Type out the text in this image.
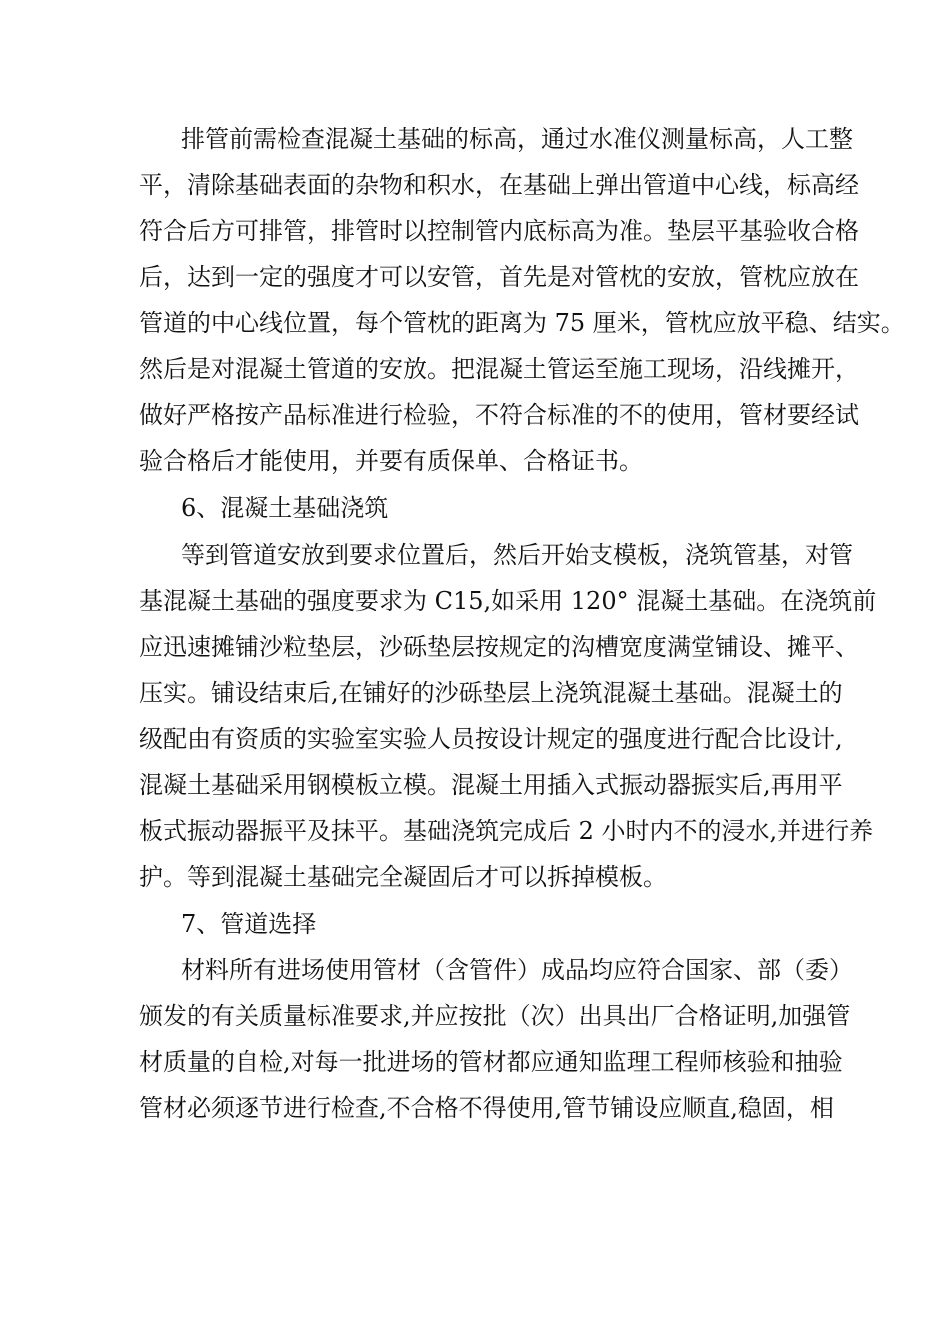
排管前需检查混凝土基础的标高，通过水准仪测量标高，人工整

平，清除基础表面的杂物和积水，在基础上弹出管道中心线，标高经

符合后方可排管，排管时以控制管内底标高为准。垫层平基验收合格

后，达到一定的强度才可以安管，首先是对管枕的安放，管枕应放在

管道的中心线位置，每个管枕的距离为 75 厘米，管枕应放平稳、结实。

然后是对混凝土管道的安放。把混凝土管运至施工现场，沿线摊开，

做好严格按产品标准进行检验，不符合标准的不的使用，管材要经试

验合格后才能使用，并要有质保单、合格证书。

6、混凝土基础浇筑

等到管道安放到要求位置后，然后开始支模板，浇筑管基，对管

基混凝土基础的强度要求为 C15,如采用 120° 混凝土基础。在浇筑前

应迅速摊铺沙粒垫层，沙砾垫层按规定的沟槽宽度满堂铺设、摊平、

压实。铺设结束后,在铺好的沙砾垫层上浇筑混凝土基础。混凝土的

级配由有资质的实验室实验人员按设计规定的强度进行配合比设计,

混凝土基础采用钢模板立模。混凝土用插入式振动器振实后,再用平

板式振动器振平及抹平。基础浇筑完成后 2 小时内不的浸水,并进行养

护。等到混凝土基础完全凝固后才可以拆掉模板。

7、管道选择

材料所有进场使用管材（含管件）成品均应符合国家、部（委）

颁发的有关质量标准要求,并应按批（次）出具出厂合格证明,加强管

材质量的自检,对每一批进场的管材都应通知监理工程师核验和抽验

管材必须逐节进行检查,不合格不得使用,管节铺设应顺直,稳固，相
